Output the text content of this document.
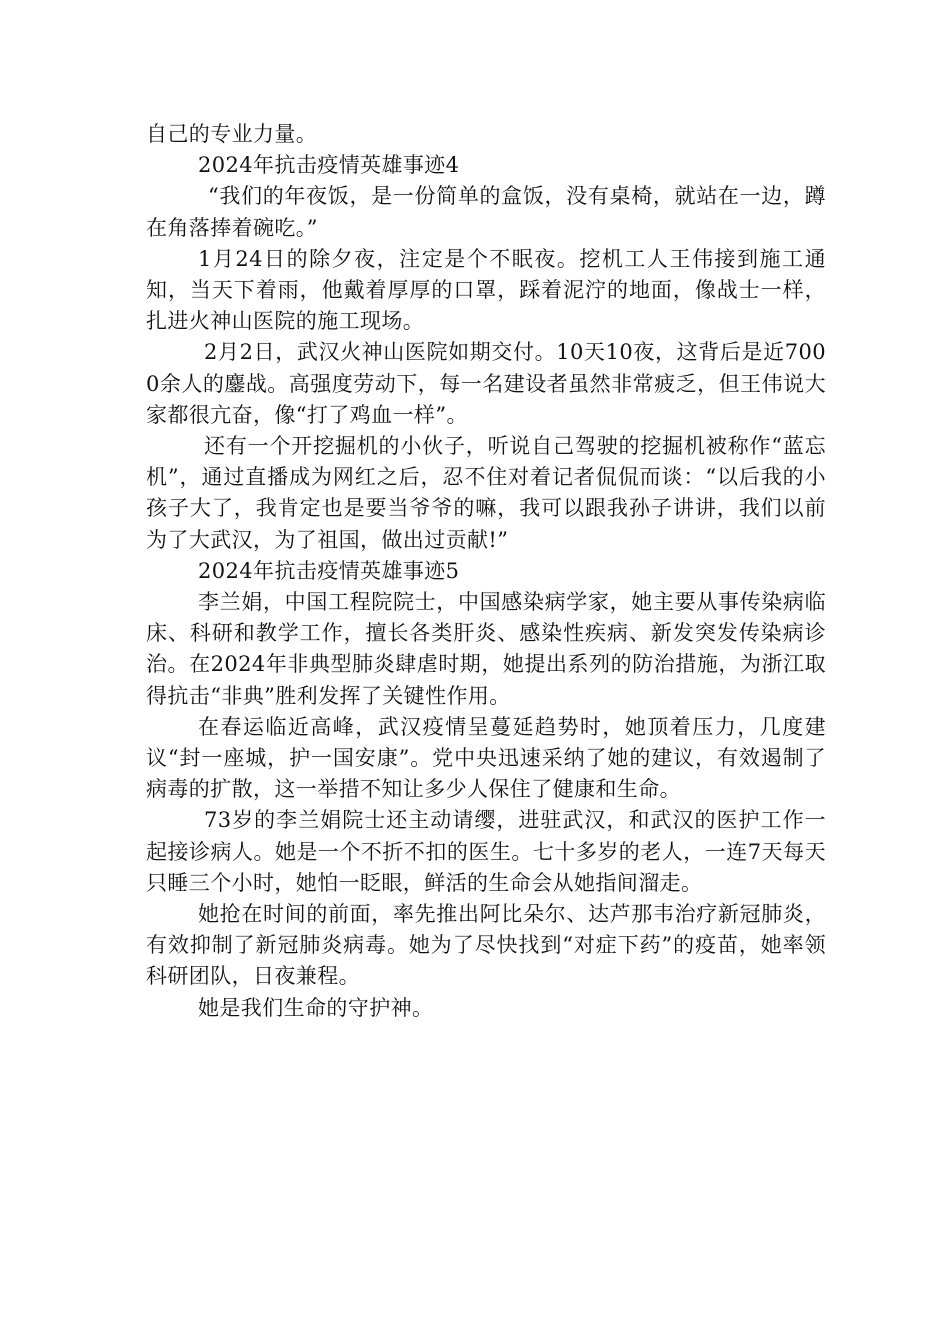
自己的专业力量。

2024年抗击疫情英雄事迹4

“我们的年夜饭，是一份简单的盒饭，没有桌椅，就站在一边，蹲在角落捧着碗吃。”

1月24日的除夕夜，注定是个不眠夜。挖机工人王伟接到施工通知，当天下着雨，他戴着厚厚的口罩，踩着泥泞的地面，像战士一样，扎进火神山医院的施工现场。

2月2日，武汉火神山医院如期交付。10天10夜，这背后是近7000余人的鏖战。高强度劳动下，每一名建设者虽然非常疲乏，但王伟说大家都很亢奋，像“打了鸡血一样”。

还有一个开挖掘机的小伙子，听说自己驾驶的挖掘机被称作“蓝忘机”，通过直播成为网红之后，忍不住对着记者侃侃而谈：“以后我的小孩子大了，我肯定也是要当爷爷的嘛，我可以跟我孙子讲讲，我们以前为了大武汉，为了祖国，做出过贡献!”

2024年抗击疫情英雄事迹5

李兰娟，中国工程院院士，中国感染病学家，她主要从事传染病临床、科研和教学工作，擅长各类肝炎、感染性疾病、新发突发传染病诊治。在2024年非典型肺炎肆虐时期，她提出系列的防治措施，为浙江取得抗击“非典”胜利发挥了关键性作用。

在春运临近高峰，武汉疫情呈蔓延趋势时，她顶着压力，几度建议“封一座城，护一国安康”。党中央迅速采纳了她的建议，有效遏制了病毒的扩散，这一举措不知让多少人保住了健康和生命。

73岁的李兰娟院士还主动请缨，进驻武汉，和武汉的医护工作一起接诊病人。她是一个不折不扣的医生。七十多岁的老人，一连7天每天只睡三个小时，她怕一眨眼，鲜活的生命会从她指间溜走。

她抢在时间的前面，率先推出阿比朵尔、达芦那韦治疗新冠肺炎，有效抑制了新冠肺炎病毒。她为了尽快找到“对症下药”的疫苗，她率领科研团队，日夜兼程。

她是我们生命的守护神。
